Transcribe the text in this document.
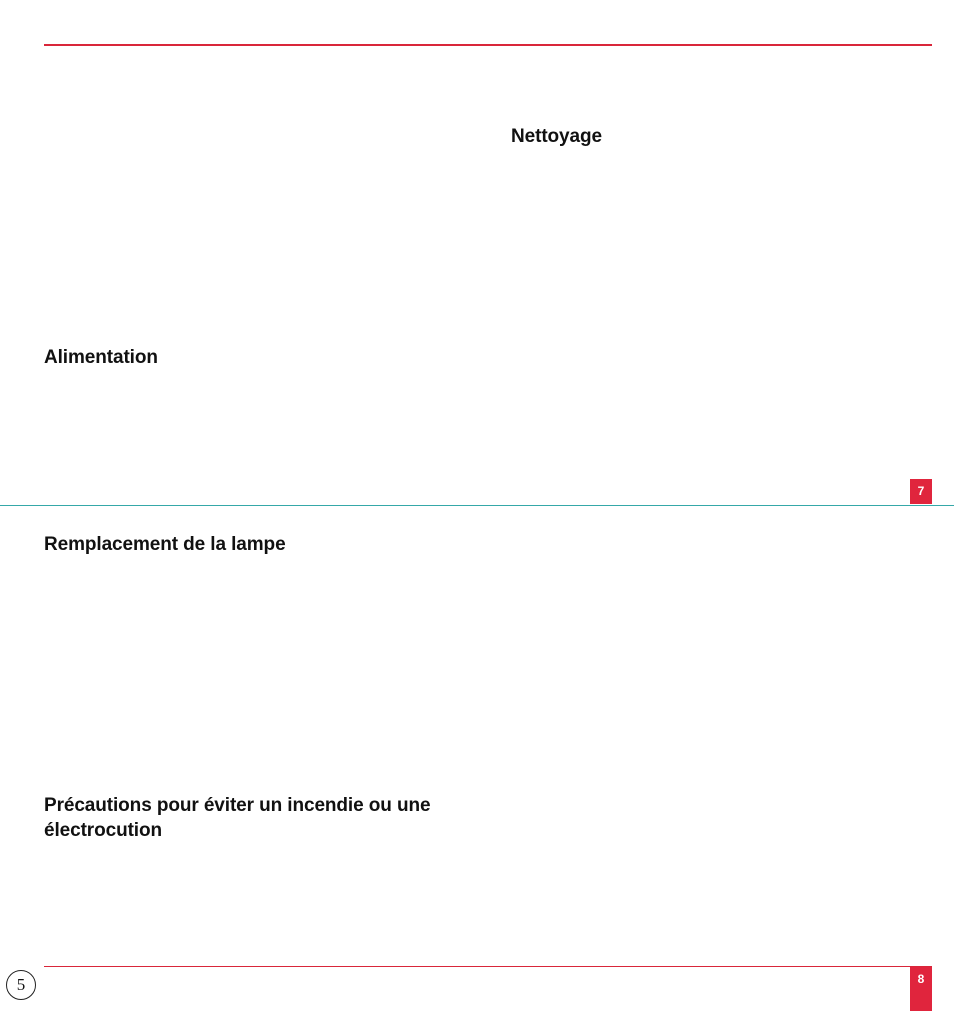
Nettoyage
Alimentation
7
Remplacement de la lampe
Précautions pour éviter un incendie ou une électrocution
5	8
